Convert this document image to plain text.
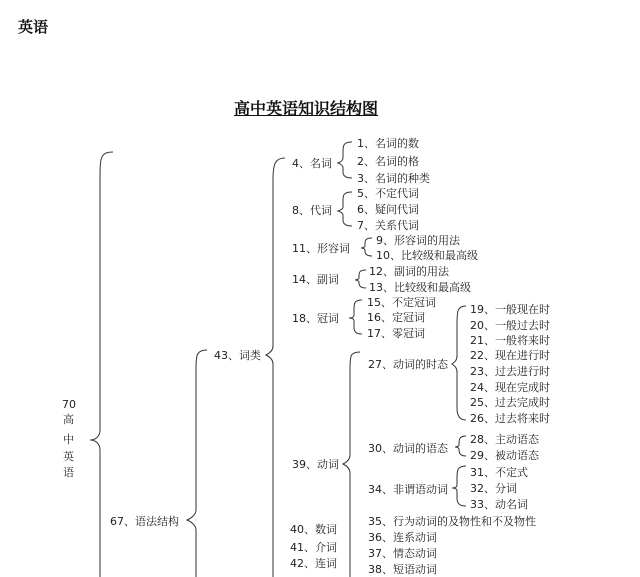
英语
高中英语知识结构图
70
高
中
英
语
67、语法结构
43、词类
40、数词
41、介词
42、连词
4、名词
8、代词
11、形容词
14、副词
18、冠词
39、动词
27、动词的时态
30、动词的语态
34、非谓语动词
1、名词的数
2、名词的格
3、名词的种类
5、不定代词
6、疑问代词
7、关系代词
9、形容词的用法
10、比较级和最高级
12、副词的用法
13、比较级和最高级
15、不定冠词
16、定冠词
17、零冠词
19、一般现在时
20、一般过去时
21、一般将来时
22、现在进行时
23、过去进行时
24、现在完成时
25、过去完成时
26、过去将来时
28、主动语态
29、被动语态
31、不定式
32、分词
33、动名词
35、行为动词的及物性和不及物性
36、连系动词
37、情态动词
38、短语动词
